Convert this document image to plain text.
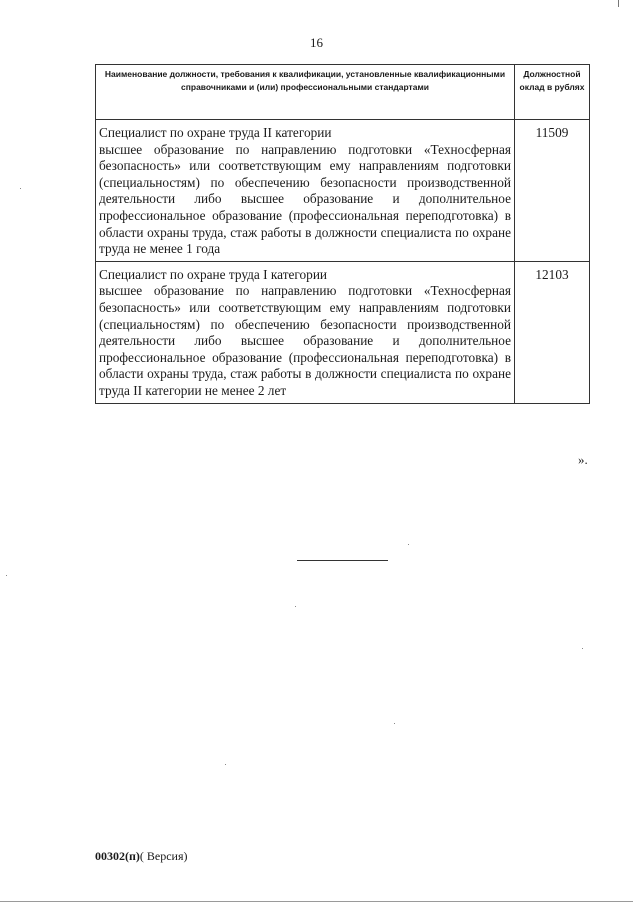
16
Наименование должности, требования к квалификации, установленные квалификационными справочниками и (или) профессиональными стандартами	Должностной оклад в рублях

Специалист по охране труда II категории

высшее образование по направлению подготовки «Техносферная безопасность» или соответствующим ему направлениям подготовки (специальностям) по обеспечению безопасности производственной деятельности либо высшее образование и дополнительное профессиональное образование (профессиональная переподготовка) в области охраны труда, стаж работы в должности специалиста по охране труда не менее 1 года	11509

Специалист по охране труда I категории

высшее образование по направлению подготовки «Техносферная безопасность» или соответствующим ему направлениям подготовки (специальностям) по обеспечению безопасности производственной деятельности либо высшее образование и дополнительное профессиональное образование (профессиональная переподготовка) в области охраны труда, стаж работы в должности специалиста по охране труда II категории не менее 2 лет	12103
».
00302(п)( Версия)
